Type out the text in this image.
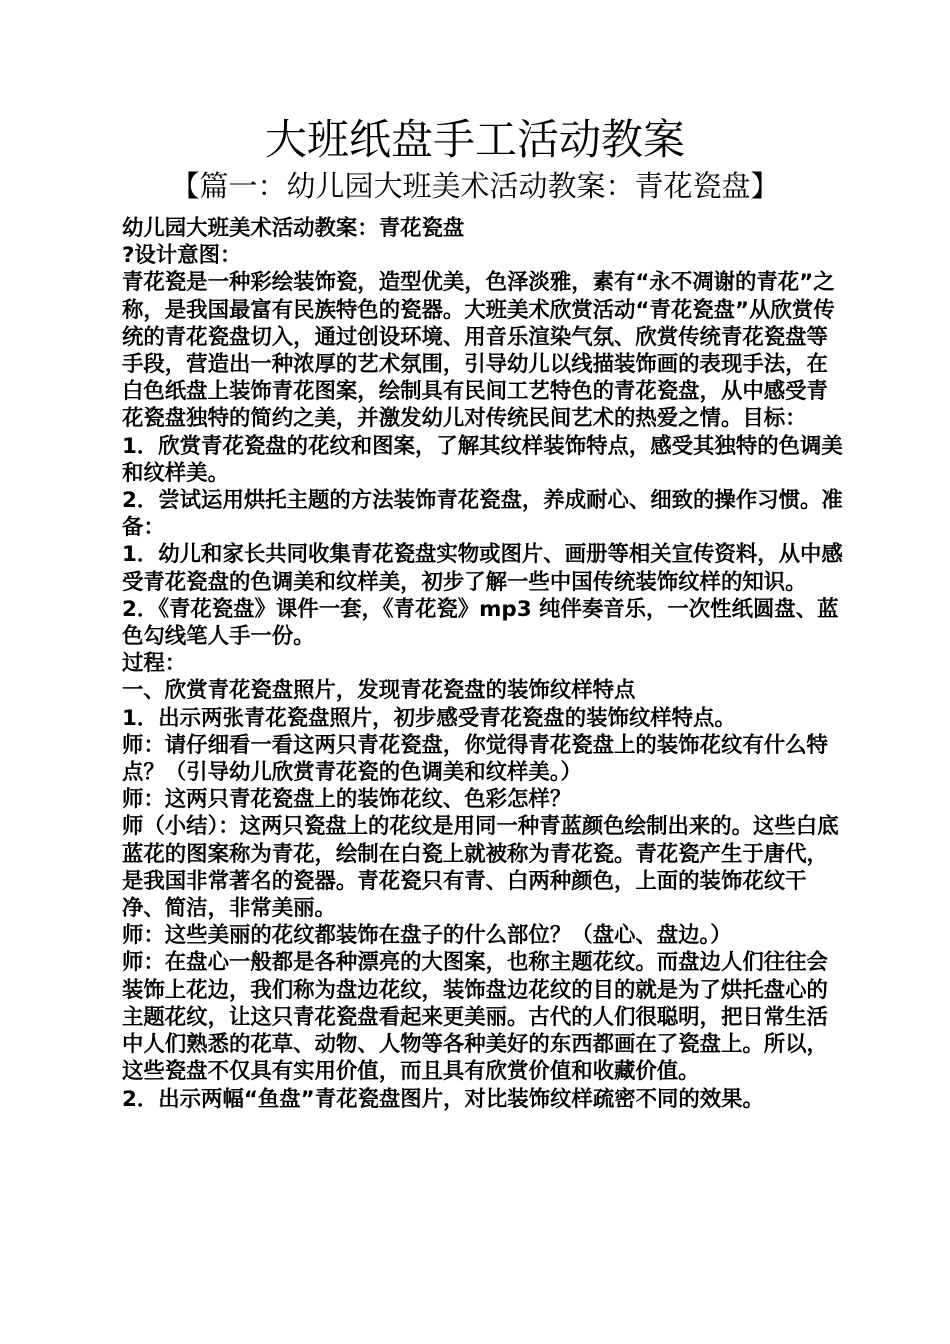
大班纸盘手工活动教案
【篇一：幼儿园大班美术活动教案：青花瓷盘】

幼儿园大班美术活动教案：青花瓷盘

?设计意图：

青花瓷是一种彩绘装饰瓷，造型优美，色泽淡雅，素有“永不凋谢的青花”之称，是我国最富有民族特色的瓷器。大班美术欣赏活动“青花瓷盘”从欣赏传统的青花瓷盘切入，通过创设环境、用音乐渲染气氛、欣赏传统青花瓷盘等手段，营造出一种浓厚的艺术氛围，引导幼儿以线描装饰画的表现手法，在白色纸盘上装饰青花图案，绘制具有民间工艺特色的青花瓷盘，从中感受青花瓷盘独特的简约之美，并激发幼儿对传统民间艺术的热爱之情。目标：

1．欣赏青花瓷盘的花纹和图案，了解其纹样装饰特点，感受其独特的色调美和纹样美。

2．尝试运用烘托主题的方法装饰青花瓷盘，养成耐心、细致的操作习惯。准备：

1．幼儿和家长共同收集青花瓷盘实物或图片、画册等相关宣传资料，从中感受青花瓷盘的色调美和纹样美，初步了解一些中国传统装饰纹样的知识。

2．《青花瓷盘》课件一套，《青花瓷》mp3 纯伴奏音乐，一次性纸圆盘、蓝色勾线笔人手一份。

过程：

一、欣赏青花瓷盘照片，发现青花瓷盘的装饰纹样特点

1．出示两张青花瓷盘照片，初步感受青花瓷盘的装饰纹样特点。

师：请仔细看一看这两只青花瓷盘，你觉得青花瓷盘上的装饰花纹有什么特点？（引导幼儿欣赏青花瓷的色调美和纹样美。）

师：这两只青花瓷盘上的装饰花纹、色彩怎样？

师（小结）：这两只瓷盘上的花纹是用同一种青蓝颜色绘制出来的。这些白底蓝花的图案称为青花，绘制在白瓷上就被称为青花瓷。青花瓷产生于唐代，是我国非常著名的瓷器。青花瓷只有青、白两种颜色，上面的装饰花纹干净、简洁，非常美丽。

师：这些美丽的花纹都装饰在盘子的什么部位？（盘心、盘边。）

师：在盘心一般都是各种漂亮的大图案，也称主题花纹。而盘边人们往往会装饰上花边，我们称为盘边花纹，装饰盘边花纹的目的就是为了烘托盘心的主题花纹，让这只青花瓷盘看起来更美丽。古代的人们很聪明，把日常生活中人们熟悉的花草、动物、人物等各种美好的东西都画在了瓷盘上。所以，这些瓷盘不仅具有实用价值，而且具有欣赏价值和收藏价值。

2．出示两幅“鱼盘”青花瓷盘图片，对比装饰纹样疏密不同的效果。
